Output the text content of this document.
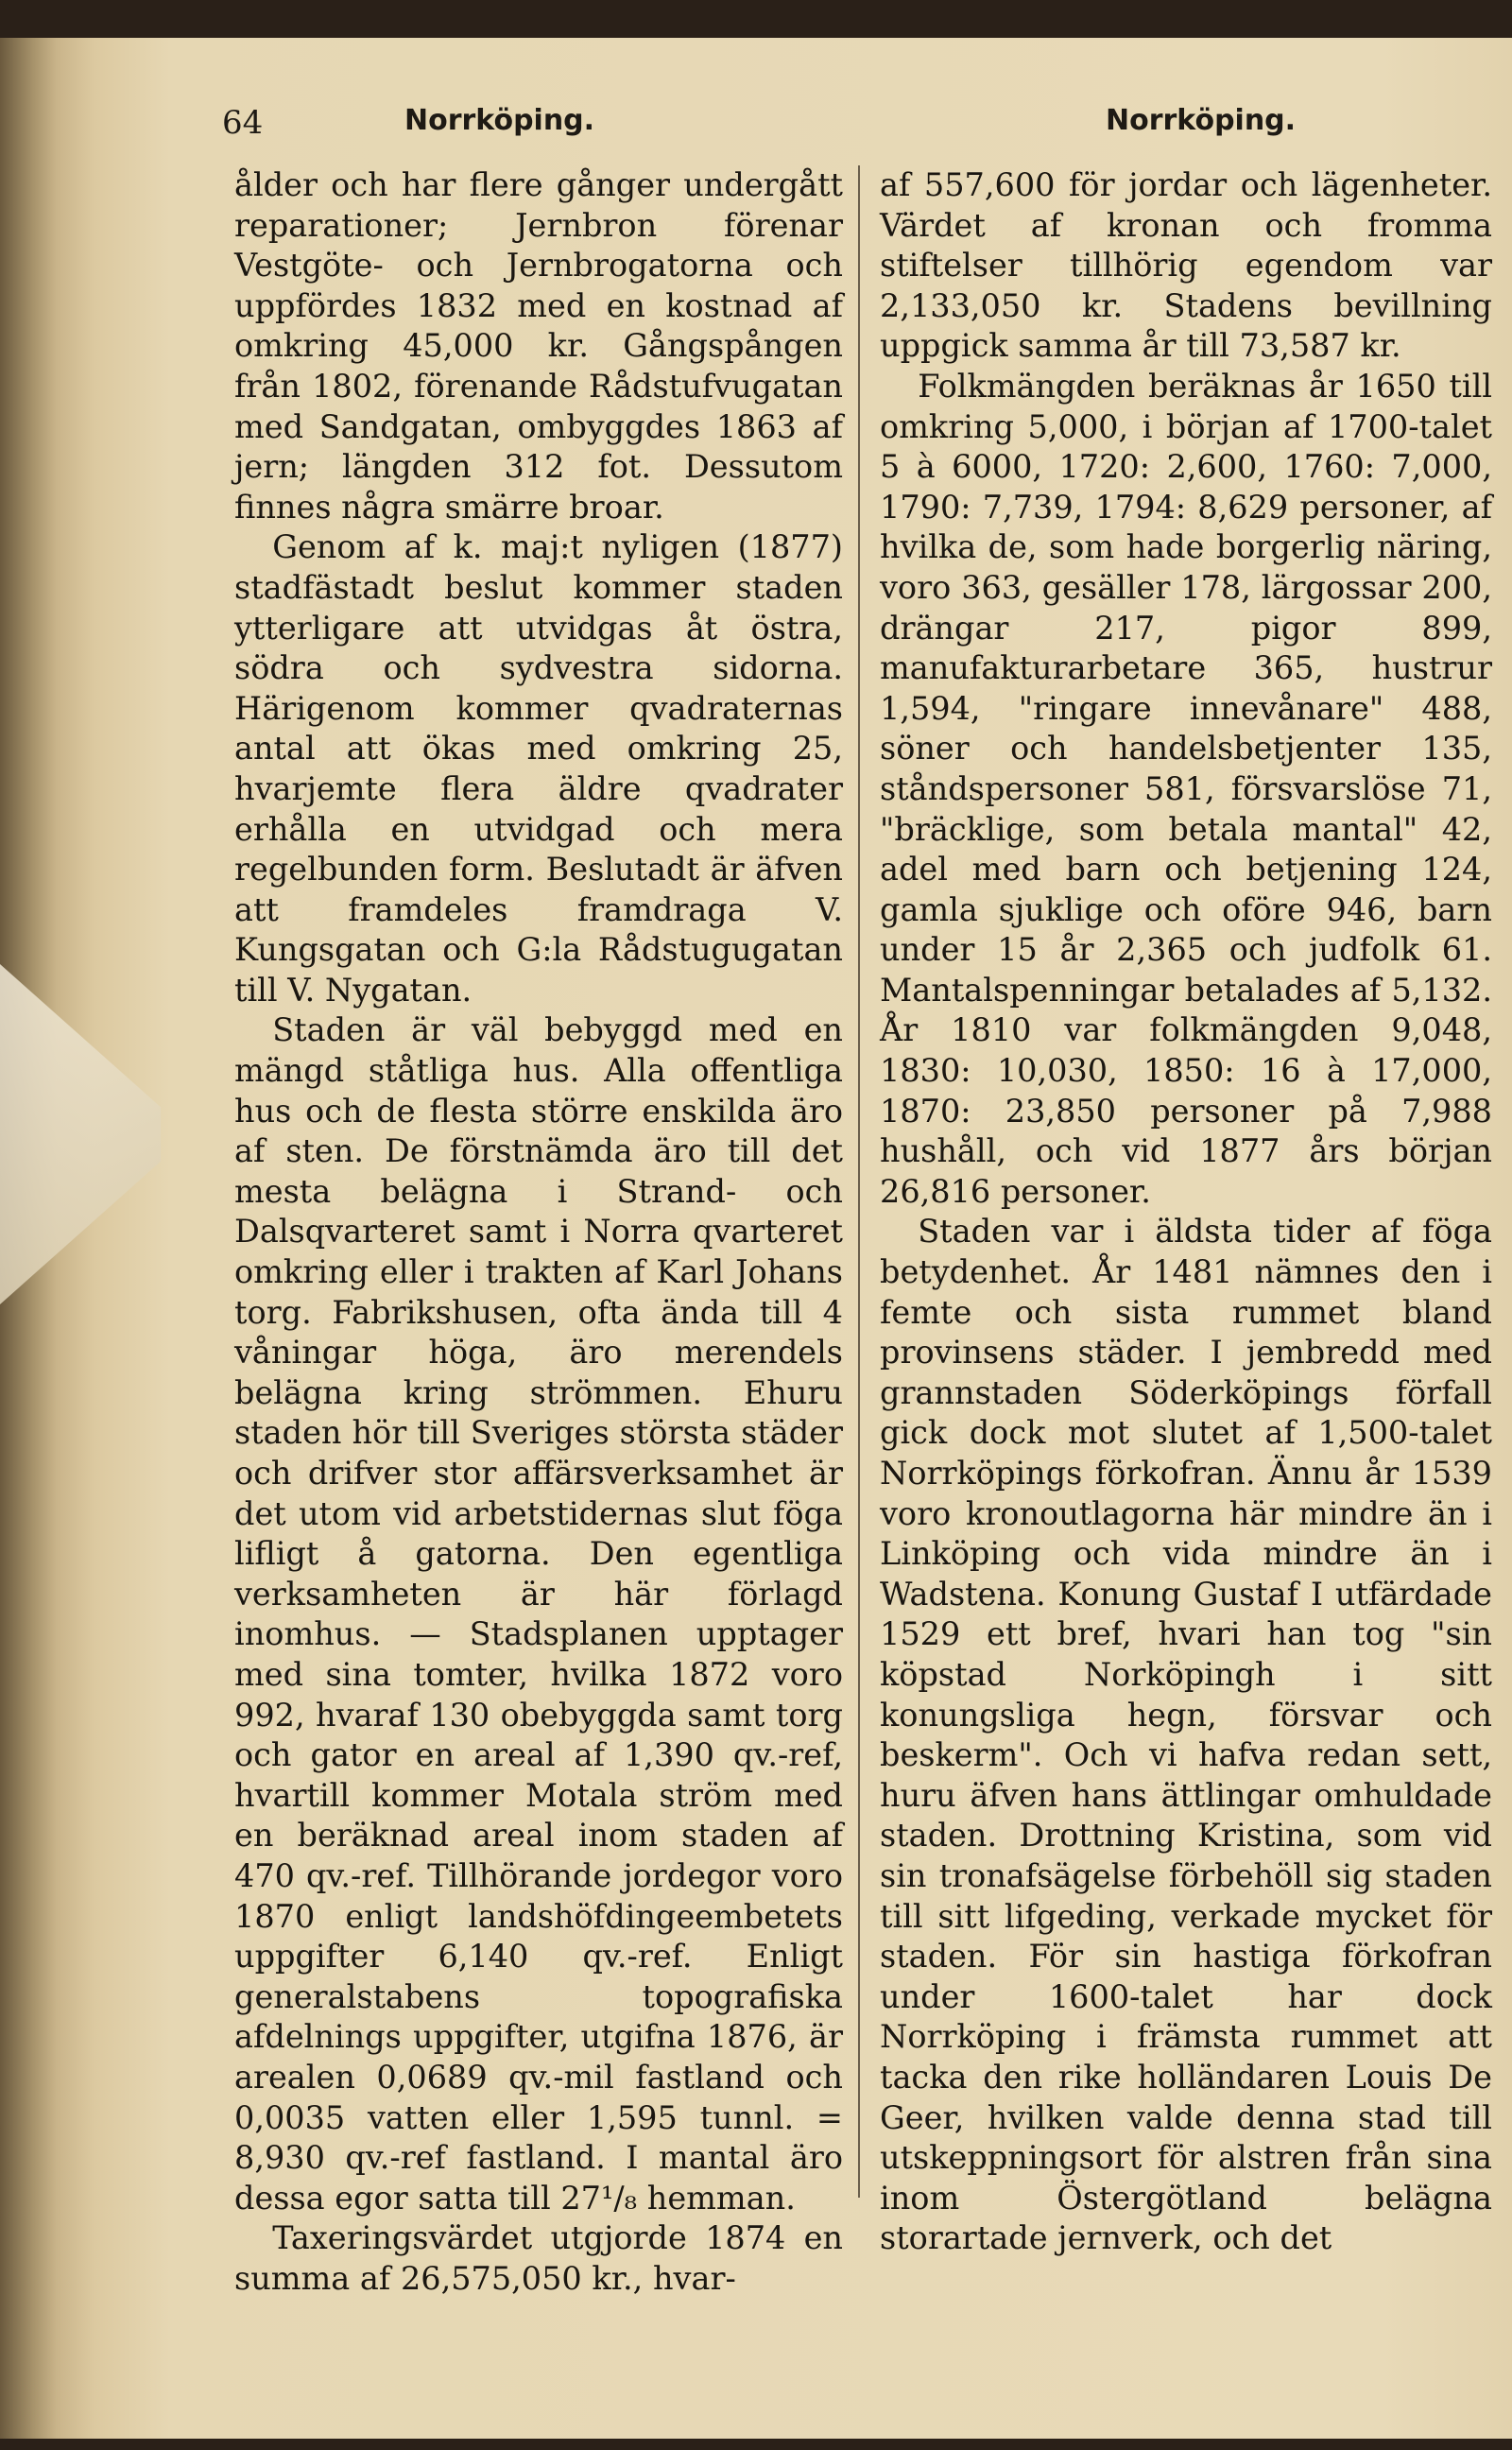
64	Norrköping.	Norrköping.

ålder och har flere gånger undergått reparationer; Jernbron förenar Vestgöte- och Jernbrogatorna och uppfördes 1832 med en kostnad af omkring 45,000 kr. Gångspången från 1802, förenande Rådstufvugatan med Sandgatan, ombyggdes 1863 af jern; längden 312 fot. Dessutom finnes några smärre broar.

Genom af k. maj:t nyligen (1877) stadfästadt beslut kommer staden ytterligare att utvidgas åt östra, södra och sydvestra sidorna. Härigenom kommer qvadraternas antal att ökas med omkring 25, hvarjemte flera äldre qvadrater erhålla en utvidgad och mera regelbunden form. Beslutadt är äfven att framdeles framdraga V. Kungsgatan och G:la Rådstugugatan till V. Nygatan.

Staden är väl bebyggd med en mängd ståtliga hus. Alla offentliga hus och de flesta större enskilda äro af sten. De förstnämda äro till det mesta belägna i Strand- och Dalsqvarteret samt i Norra qvarteret omkring eller i trakten af Karl Johans torg. Fabrikshusen, ofta ända till 4 våningar höga, äro merendels belägna kring strömmen. Ehuru staden hör till Sveriges största städer och drifver stor affärsverksamhet är det utom vid arbetstidernas slut föga lifligt å gatorna. Den egentliga verksamheten är här förlagd inomhus. — Stadsplanen upptager med sina tomter, hvilka 1872 voro 992, hvaraf 130 obebyggda samt torg och gator en areal af 1,390 qv.-ref, hvartill kommer Motala ström med en beräknad areal inom staden af 470 qv.-ref. Tillhörande jordegor voro 1870 enligt landshöfdingeembetets uppgifter 6,140 qv.-ref. Enligt generalstabens topografiska afdelnings uppgifter, utgifna 1876, är arealen 0,0689 qv.-mil fastland och 0,0035 vatten eller 1,595 tunnl. = 8,930 qv.-ref fastland. I mantal äro dessa egor satta till 27¹/₈ hemman.

Taxeringsvärdet utgjorde 1874 en summa af 26,575,050 kr., hvar-

af 557,600 för jordar och lägenheter. Värdet af kronan och fromma stiftelser tillhörig egendom var 2,133,050 kr. Stadens bevillning uppgick samma år till 73,587 kr.

Folkmängden beräknas år 1650 till omkring 5,000, i början af 1700-talet 5 à 6000, 1720: 2,600, 1760: 7,000, 1790: 7,739, 1794: 8,629 personer, af hvilka de, som hade borgerlig näring, voro 363, gesäller 178, lärgossar 200, drängar 217, pigor 899, manufakturarbetare 365, hustrur 1,594, "ringare innevånare" 488, söner och handelsbetjenter 135, ståndspersoner 581, försvarslöse 71, "bräcklige, som betala mantal" 42, adel med barn och betjening 124, gamla sjuklige och oföre 946, barn under 15 år 2,365 och judfolk 61. Mantalspenningar betalades af 5,132. År 1810 var folkmängden 9,048, 1830: 10,030, 1850: 16 à 17,000, 1870: 23,850 personer på 7,988 hushåll, och vid 1877 års början 26,816 personer.

Staden var i äldsta tider af föga betydenhet. År 1481 nämnes den i femte och sista rummet bland provinsens städer. I jembredd med grannstaden Söderköpings förfall gick dock mot slutet af 1,500-talet Norrköpings förkofran. Ännu år 1539 voro kronoutlagorna här mindre än i Linköping och vida mindre än i Wadstena. Konung Gustaf I utfärdade 1529 ett bref, hvari han tog "sin köpstad Norköpingh i sitt konungsliga hegn, försvar och beskerm". Och vi hafva redan sett, huru äfven hans ättlingar omhuldade staden. Drottning Kristina, som vid sin tronafsägelse förbehöll sig staden till sitt lifgeding, verkade mycket för staden. För sin hastiga förkofran under 1600-talet har dock Norrköping i främsta rummet att tacka den rike holländaren Louis De Geer, hvilken valde denna stad till utskeppningsort för alstren från sina inom Östergötland belägna storartade jernverk, och det
